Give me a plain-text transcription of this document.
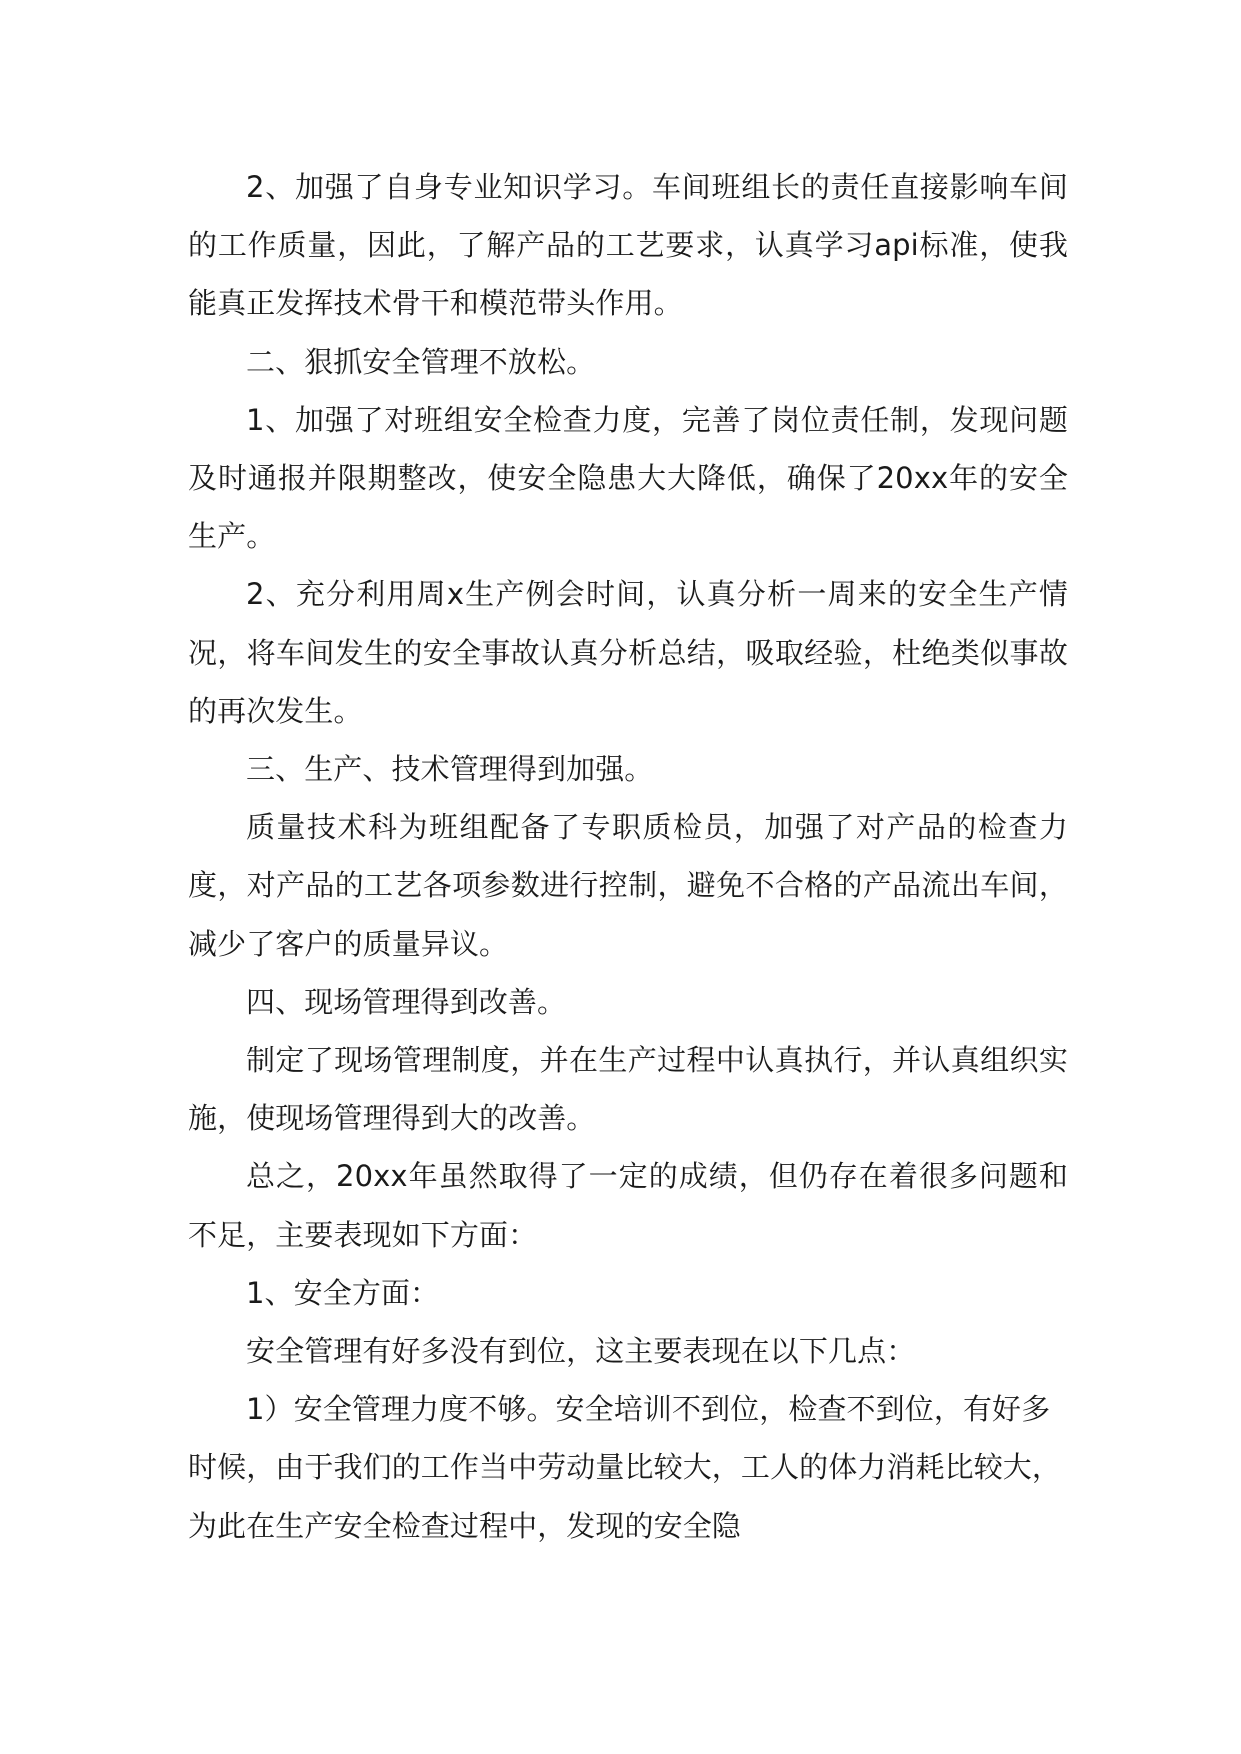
2、加强了自身专业知识学习。车间班组长的责任直接影响车间的工作质量，因此，了解产品的工艺要求，认真学习api标准，使我能真正发挥技术骨干和模范带头作用。

二、狠抓安全管理不放松。

1、加强了对班组安全检查力度，完善了岗位责任制，发现问题及时通报并限期整改，使安全隐患大大降低，确保了20xx年的安全生产。

2、充分利用周x生产例会时间，认真分析一周来的安全生产情况，将车间发生的安全事故认真分析总结，吸取经验，杜绝类似事故的再次发生。

三、生产、技术管理得到加强。

质量技术科为班组配备了专职质检员，加强了对产品的检查力度，对产品的工艺各项参数进行控制，避免不合格的产品流出车间，减少了客户的质量异议。

四、现场管理得到改善。

制定了现场管理制度，并在生产过程中认真执行，并认真组织实施，使现场管理得到大的改善。

总之，20xx年虽然取得了一定的成绩，但仍存在着很多问题和不足，主要表现如下方面：

1、安全方面：

安全管理有好多没有到位，这主要表现在以下几点：

1）安全管理力度不够。安全培训不到位，检查不到位，有好多时候，由于我们的工作当中劳动量比较大，工人的体力消耗比较大，为此在生产安全检查过程中，发现的安全隐
